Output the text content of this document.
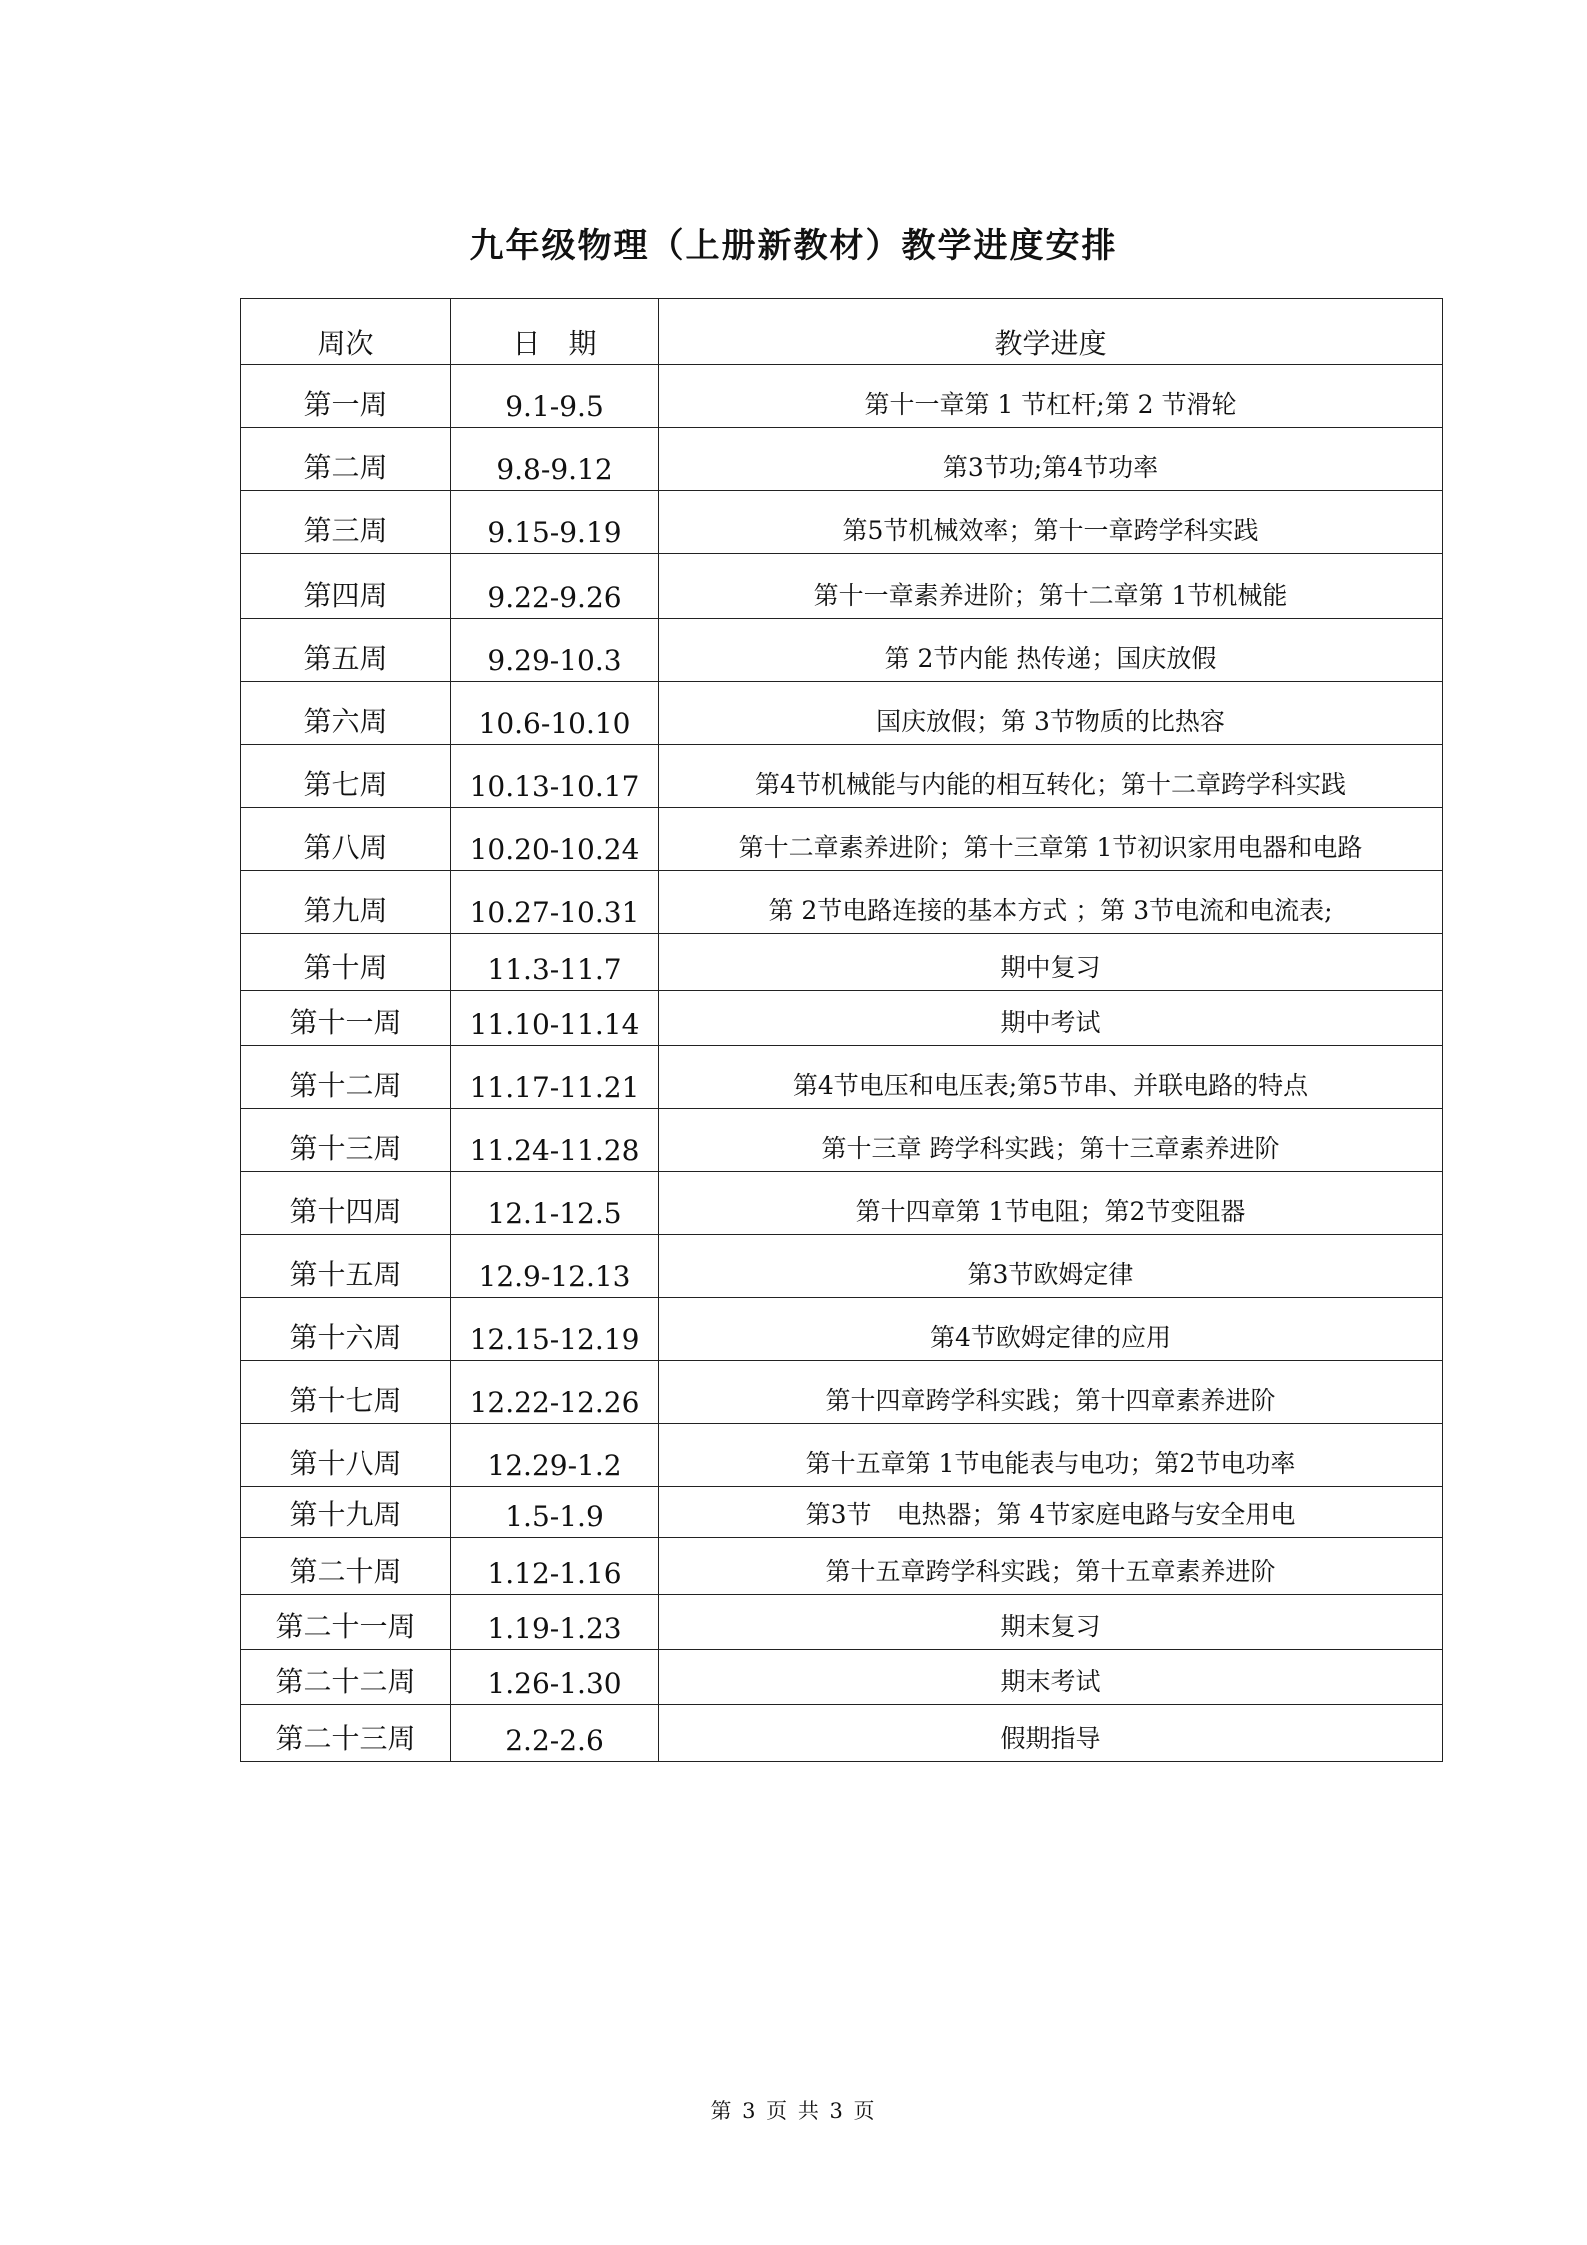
九年级物理（上册新教材）教学进度安排
周次	日　期	教学进度
第一周	9.1-9.5	第十一章第 1 节杠杆;第 2 节滑轮
第二周	9.8-9.12	第3节功;第4节功率
第三周	9.15-9.19	第5节机械效率；第十一章跨学科实践
第四周	9.22-9.26	第十一章素养进阶；第十二章第 1节机械能
第五周	9.29-10.3	第 2节内能 热传递；国庆放假
第六周	10.6-10.10	国庆放假；第 3节物质的比热容
第七周	10.13-10.17	第4节机械能与内能的相互转化；第十二章跨学科实践
第八周	10.20-10.24	第十二章素养进阶；第十三章第 1节初识家用电器和电路
第九周	10.27-10.31	第 2节电路连接的基本方式 ；第 3节电流和电流表;
第十周	11.3-11.7	期中复习
第十一周	11.10-11.14	期中考试
第十二周	11.17-11.21	第4节电压和电压表;第5节串、并联电路的特点
第十三周	11.24-11.28	第十三章 跨学科实践；第十三章素养进阶
第十四周	12.1-12.5	第十四章第 1节电阻；第2节变阻器
第十五周	12.9-12.13	第3节欧姆定律
第十六周	12.15-12.19	第4节欧姆定律的应用
第十七周	12.22-12.26	第十四章跨学科实践；第十四章素养进阶
第十八周	12.29-1.2	第十五章第 1节电能表与电功；第2节电功率
第十九周	1.5-1.9	第3节　电热器；第 4节家庭电路与安全用电
第二十周	1.12-1.16	第十五章跨学科实践；第十五章素养进阶
第二十一周	1.19-1.23	期末复习
第二十二周	1.26-1.30	期末考试
第二十三周	2.2-2.6	假期指导
第 3 页 共 3 页
